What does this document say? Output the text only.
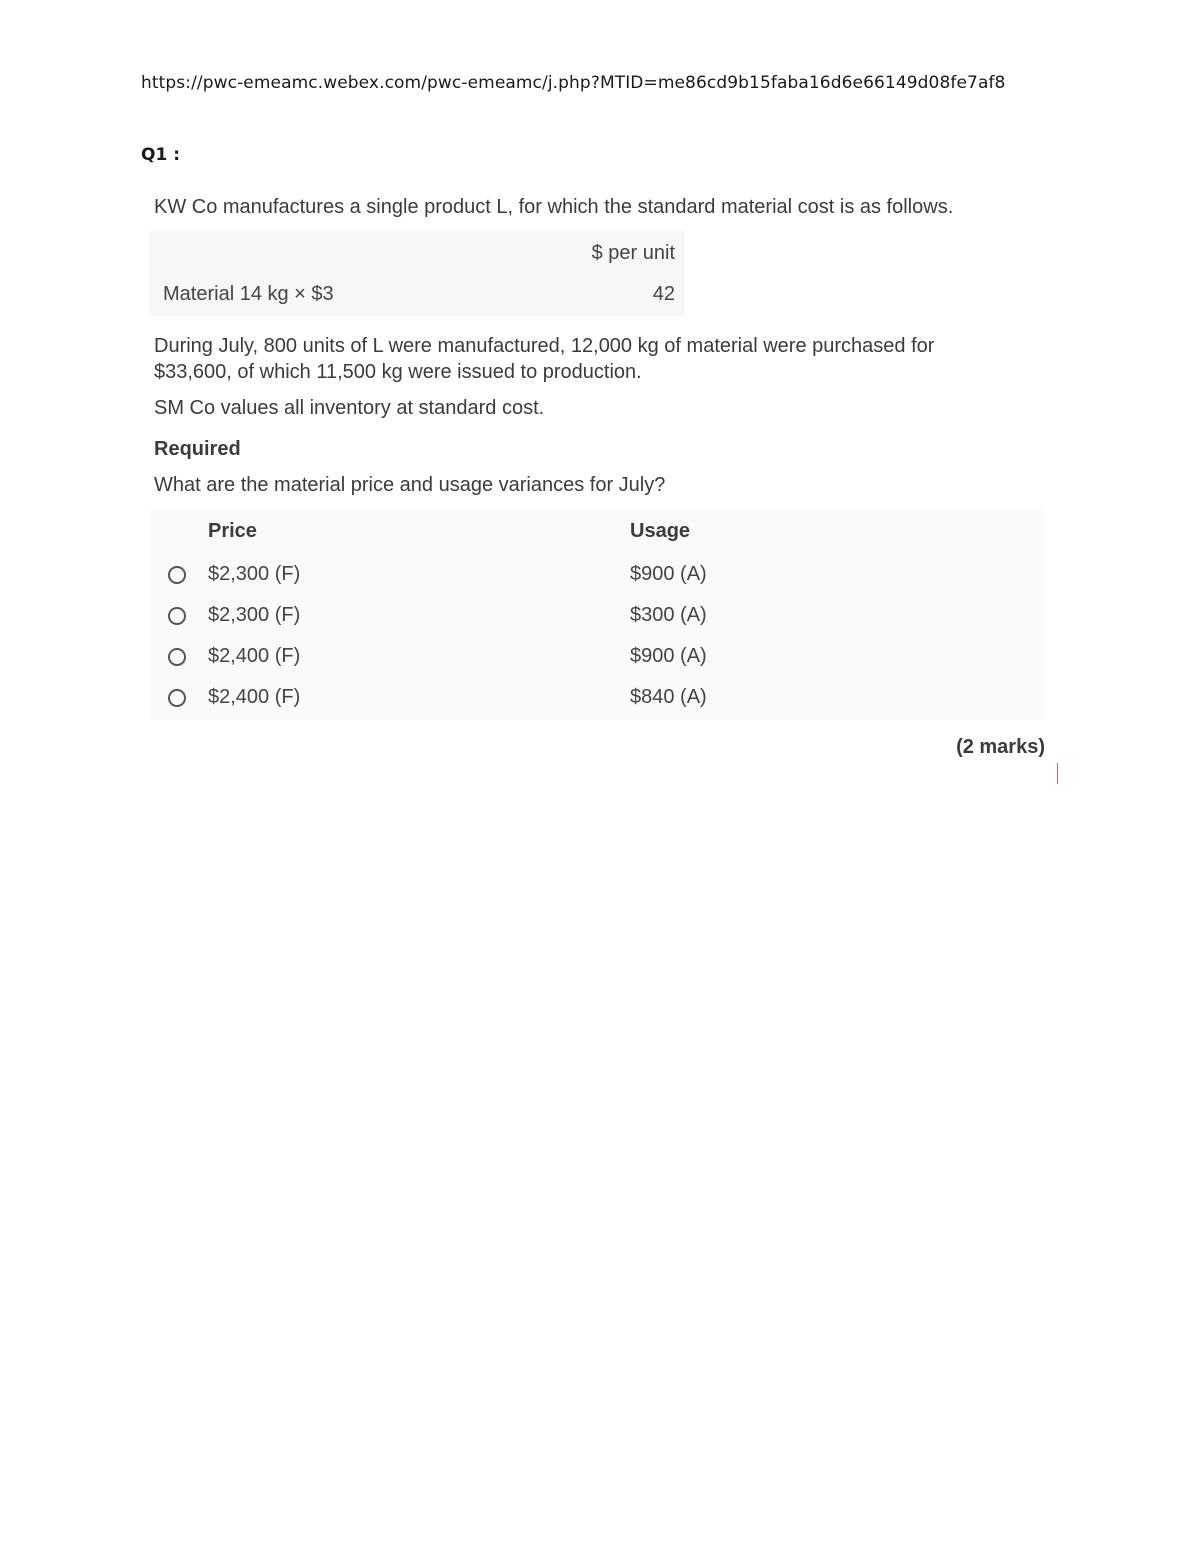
https://pwc-emeamc.webex.com/pwc-emeamc/j.php?MTID=me86cd9b15faba16d6e66149d08fe7af8
Q1 :
KW Co manufactures a single product L, for which the standard material cost is as follows.
$ per unit
Material 14 kg × $3	42
During July, 800 units of L were manufactured, 12,000 kg of material were purchased for
$33,600, of which 11,500 kg were issued to production.
SM Co values all inventory at standard cost.
Required
What are the material price and usage variances for July?
Price	Usage
$2,300 (F)	$900 (A)
$2,300 (F)	$300 (A)
$2,400 (F)	$900 (A)
$2,400 (F)	$840 (A)
(2 marks)
